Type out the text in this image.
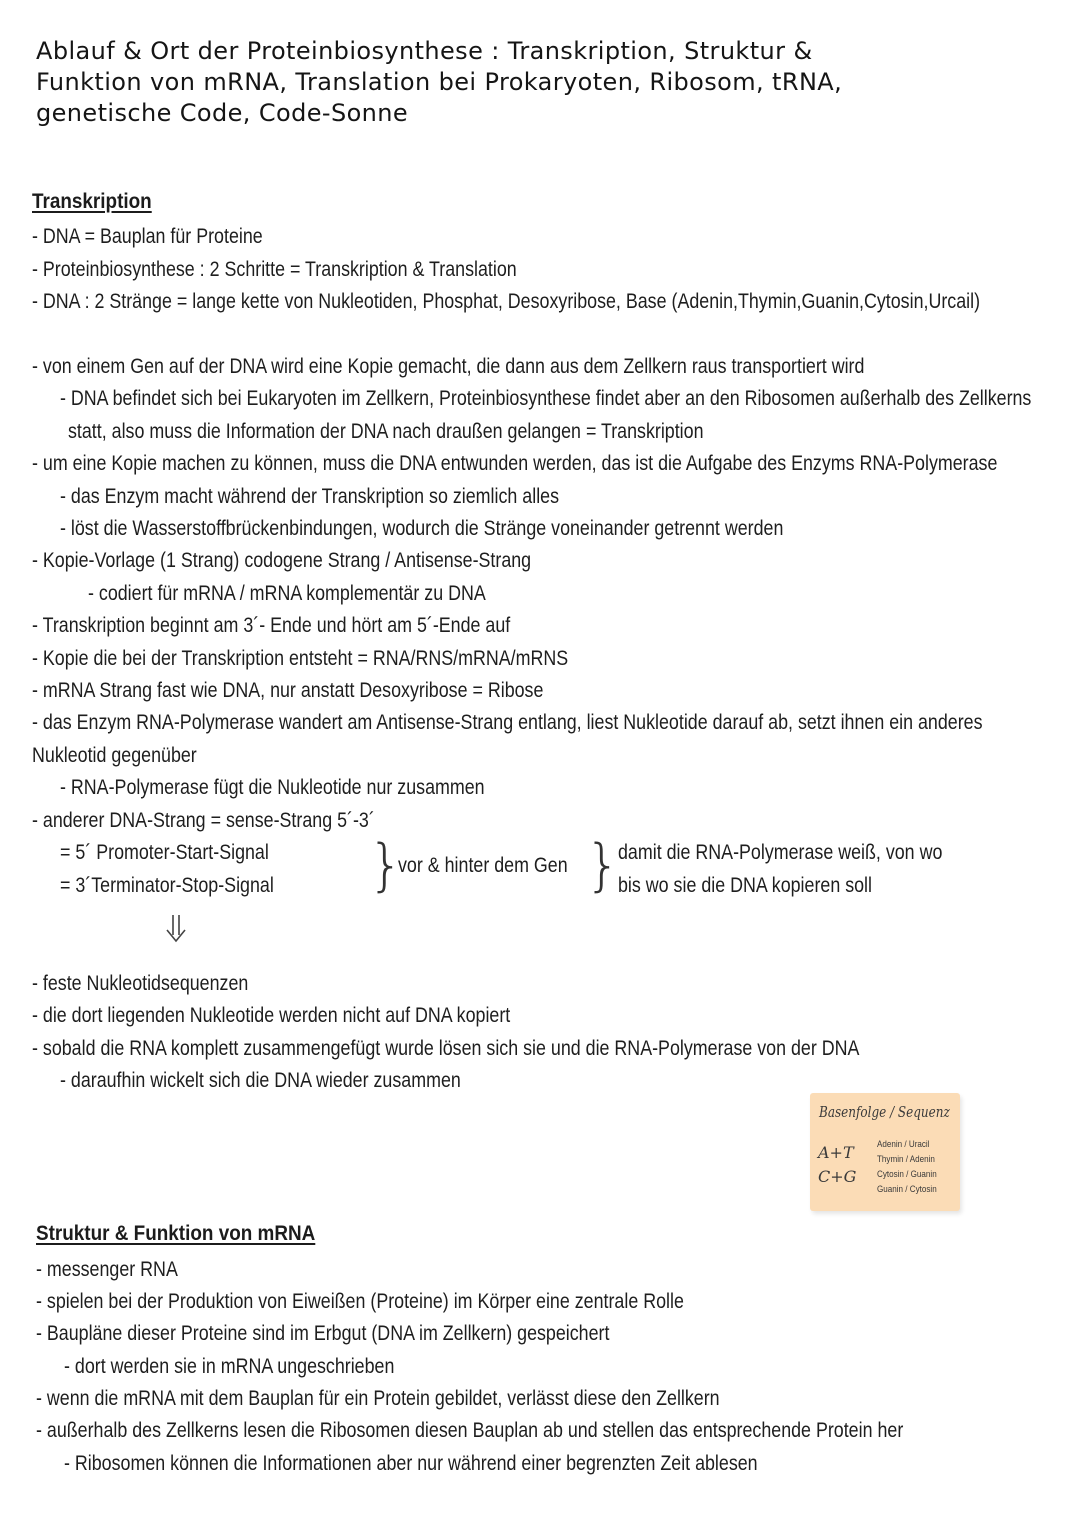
Ablauf & Ort der Proteinbiosynthese : Transkription, Struktur &
Funktion von mRNA, Translation bei Prokaryoten, Ribosom, tRNA,
genetische Code, Code-Sonne
Transkription
- DNA = Bauplan für Proteine
- Proteinbiosynthese : 2 Schritte = Transkription & Translation
- DNA : 2 Stränge = lange kette von Nukleotiden, Phosphat, Desoxyribose, Base (Adenin,Thymin,Guanin,Cytosin,Urcail)
- von einem Gen auf der DNA wird eine Kopie gemacht, die dann aus dem Zellkern raus transportiert wird
- DNA befindet sich bei Eukaryoten im Zellkern, Proteinbiosynthese findet aber an den Ribosomen außerhalb des Zellkerns
statt, also muss die Information der DNA nach draußen gelangen = Transkription
- um eine Kopie machen zu können, muss die DNA entwunden werden, das ist die Aufgabe des Enzyms RNA-Polymerase
- das Enzym macht während der Transkription so ziemlich alles
- löst die Wasserstoffbrückenbindungen, wodurch die Stränge voneinander getrennt werden
- Kopie-Vorlage (1 Strang) codogene Strang / Antisense-Strang
- codiert für mRNA / mRNA komplementär zu DNA
- Transkription beginnt am 3´- Ende und hört am 5´-Ende auf
- Kopie die bei der Transkription entsteht = RNA/RNS/mRNA/mRNS
- mRNA Strang fast wie DNA, nur anstatt Desoxyribose = Ribose
- das Enzym RNA-Polymerase wandert am Antisense-Strang entlang, liest Nukleotide darauf ab, setzt ihnen ein anderes
Nukleotid gegenüber
- RNA-Polymerase fügt die Nukleotide nur zusammen
- anderer DNA-Strang = sense-Strang 5´-3´
= 5´ Promoter-Start-Signal
= 3´Terminator-Stop-Signal }
vor & hinter dem Gen }
damit die RNA-Polymerase weiß, von wo
bis wo sie die DNA kopieren soll
- feste Nukleotidsequenzen
- die dort liegenden Nukleotide werden nicht auf DNA kopiert
- sobald die RNA komplett zusammengefügt wurde lösen sich sie und die RNA-Polymerase von der DNA
- daraufhin wickelt sich die DNA wieder zusammen
Basenfolge / Sequenz
A+T
C+G
Adenin / Uracil
Thymin / Adenin
Cytosin / Guanin
Guanin / Cytosin
Struktur & Funktion von mRNA
- messenger RNA
- spielen bei der Produktion von Eiweißen (Proteine) im Körper eine zentrale Rolle
- Baupläne dieser Proteine sind im Erbgut (DNA im Zellkern) gespeichert
- dort werden sie in mRNA ungeschrieben
- wenn die mRNA mit dem Bauplan für ein Protein gebildet, verlässt diese den Zellkern
- außerhalb des Zellkerns lesen die Ribosomen diesen Bauplan ab und stellen das entsprechende Protein her
- Ribosomen können die Informationen aber nur während einer begrenzten Zeit ablesen
